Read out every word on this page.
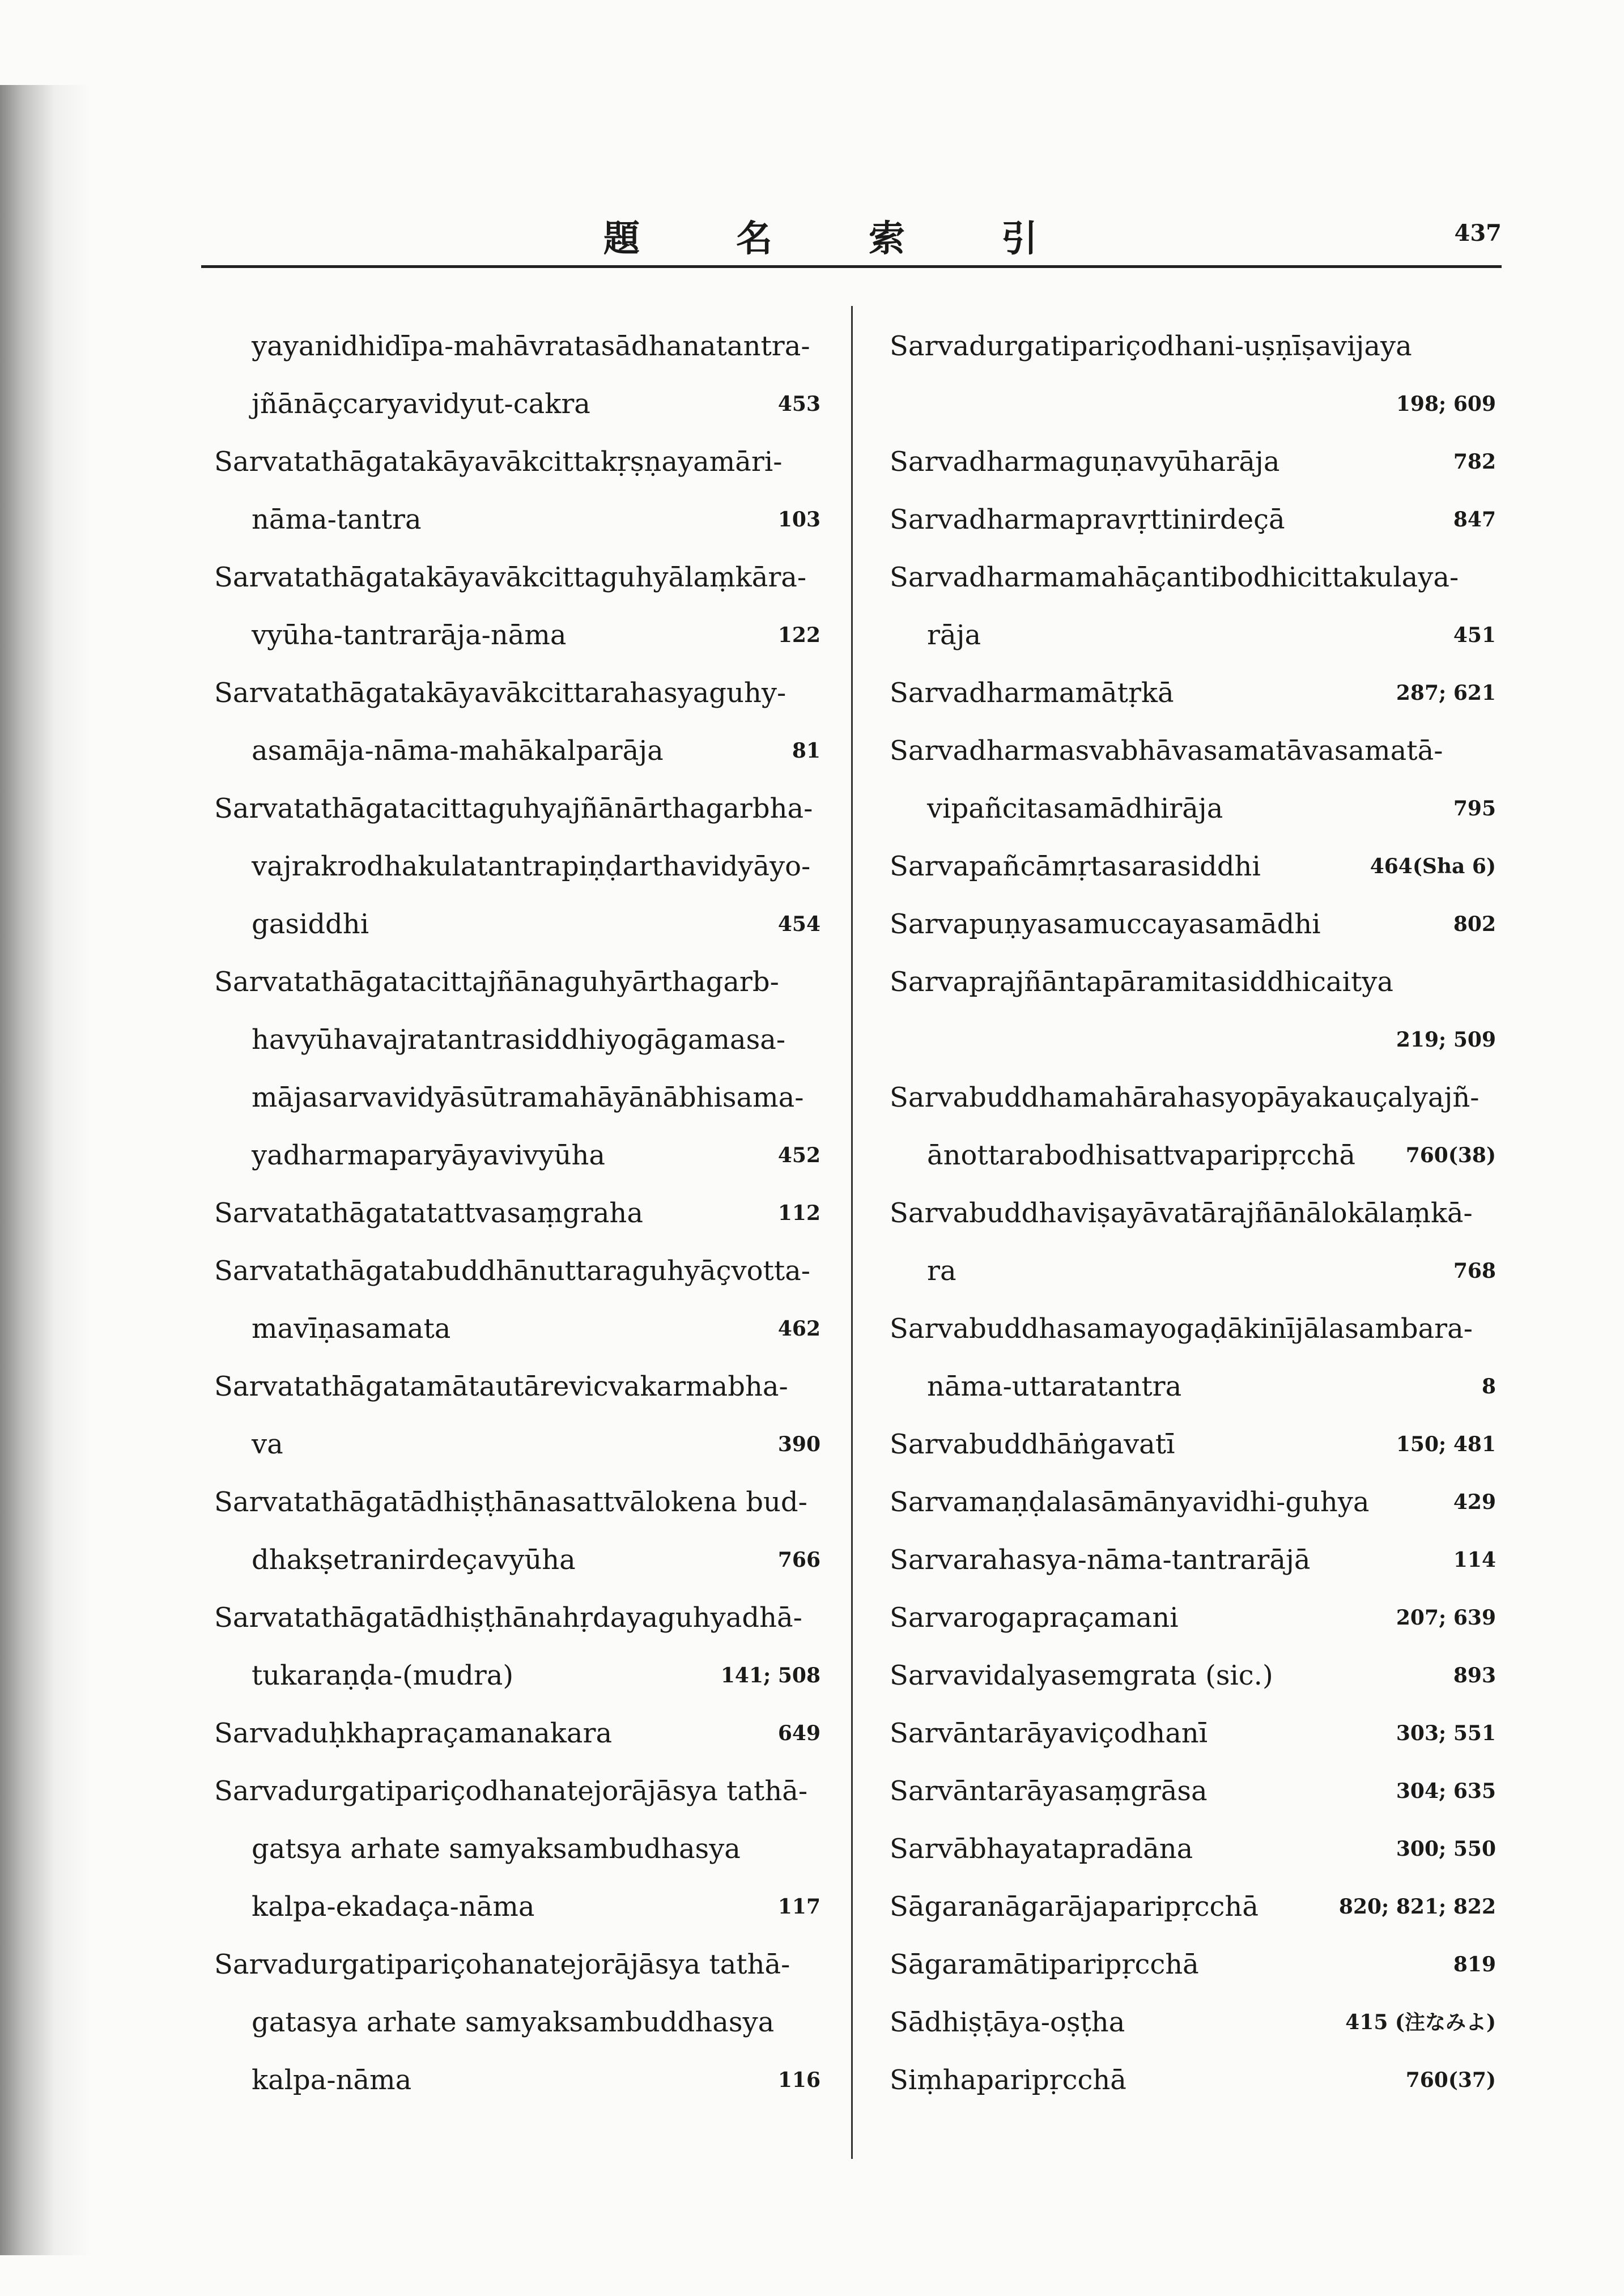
題名索引	437
yayanidhidīpa-mahāvratasādhanatantra-
jñānāçcaryavidyut-cakra	453
Sarvatathāgatakāyavākcittakṛṣṇayamāri-
nāma-tantra	103
Sarvatathāgatakāyavākcittaguhyālaṃkāra-
vyūha-tantrarāja-nāma	122
Sarvatathāgatakāyavākcittarahasyaguhy-
asamāja-nāma-mahākalparāja	81
Sarvatathāgatacittaguhyajñānārthagarbha-
vajrakrodhakulatantrapiṇḍarthavidyāyo-
gasiddhi	454
Sarvatathāgatacittajñānaguhyārthagarb-
havyūhavajratantrasiddhiyogāgamasa-
mājasarvavidyāsūtramahāyānābhisama-
yadharmaparyāyavivyūha	452
Sarvatathāgatatattvasaṃgraha	112
Sarvatathāgatabuddhānuttaraguhyāçvotta-
mavīṇasamata	462
Sarvatathāgatamātautārevicvakarmabha-
va	390
Sarvatathāgatādhiṣṭhānasattvālokena bud-
dhakṣetranirdeçavyūha	766
Sarvatathāgatādhiṣṭhānahṛdayaguhyadhā-
tukaraṇḍa-(mudra)	141; 508
Sarvaduḥkhapraçamanakara	649
Sarvadurgatipariçodhanatejorājāsya tathā-
gatsya arhate samyaksambudhasya
kalpa-ekadaça-nāma	117
Sarvadurgatipariçohanatejorājāsya tathā-
gatasya arhate samyaksambuddhasya
kalpa-nāma	116
Sarvadurgatipariçodhani-uṣṇīṣavijaya
198; 609
Sarvadharmaguṇavyūharāja	782
Sarvadharmapravṛttinirdeçā	847
Sarvadharmamahāçantibodhicittakulaya-
rāja	451
Sarvadharmamātṛkā	287; 621
Sarvadharmasvabhāvasamatāvasamatā-
vipañcitasamādhirāja	795
Sarvapañcāmṛtasarasiddhi	464(Sha 6)
Sarvapuṇyasamuccayasamādhi	802
Sarvaprajñāntapāramitasiddhicaitya
219; 509
Sarvabuddhamahārahasyopāyakauçalyajñ-
ānottarabodhisattvaparipṛcchā 760(38)
Sarvabuddhaviṣayāvatārajñānālokālaṃkā-
ra	768
Sarvabuddhasamayogaḍākinījālasambara-
nāma-uttaratantra	8
Sarvabuddhāṅgavatī	150; 481
Sarvamaṇḍalasāmānyavidhi-guhya	429
Sarvarahasya-nāma-tantrarājā	114
Sarvarogapraçamani	207; 639
Sarvavidalyasemgrata (sic.)	893
Sarvāntarāyaviçodhanī	303; 551
Sarvāntarāyasaṃgrāsa	304; 635
Sarvābhayatapradāna	300; 550
Sāgaranāgarājaparipṛcchā	820; 821; 822
Sāgaramātiparipṛcchā	819
Sādhiṣṭāya-oṣṭha	415 (注なみよ)
Siṃhaparipṛcchā	760(37)
